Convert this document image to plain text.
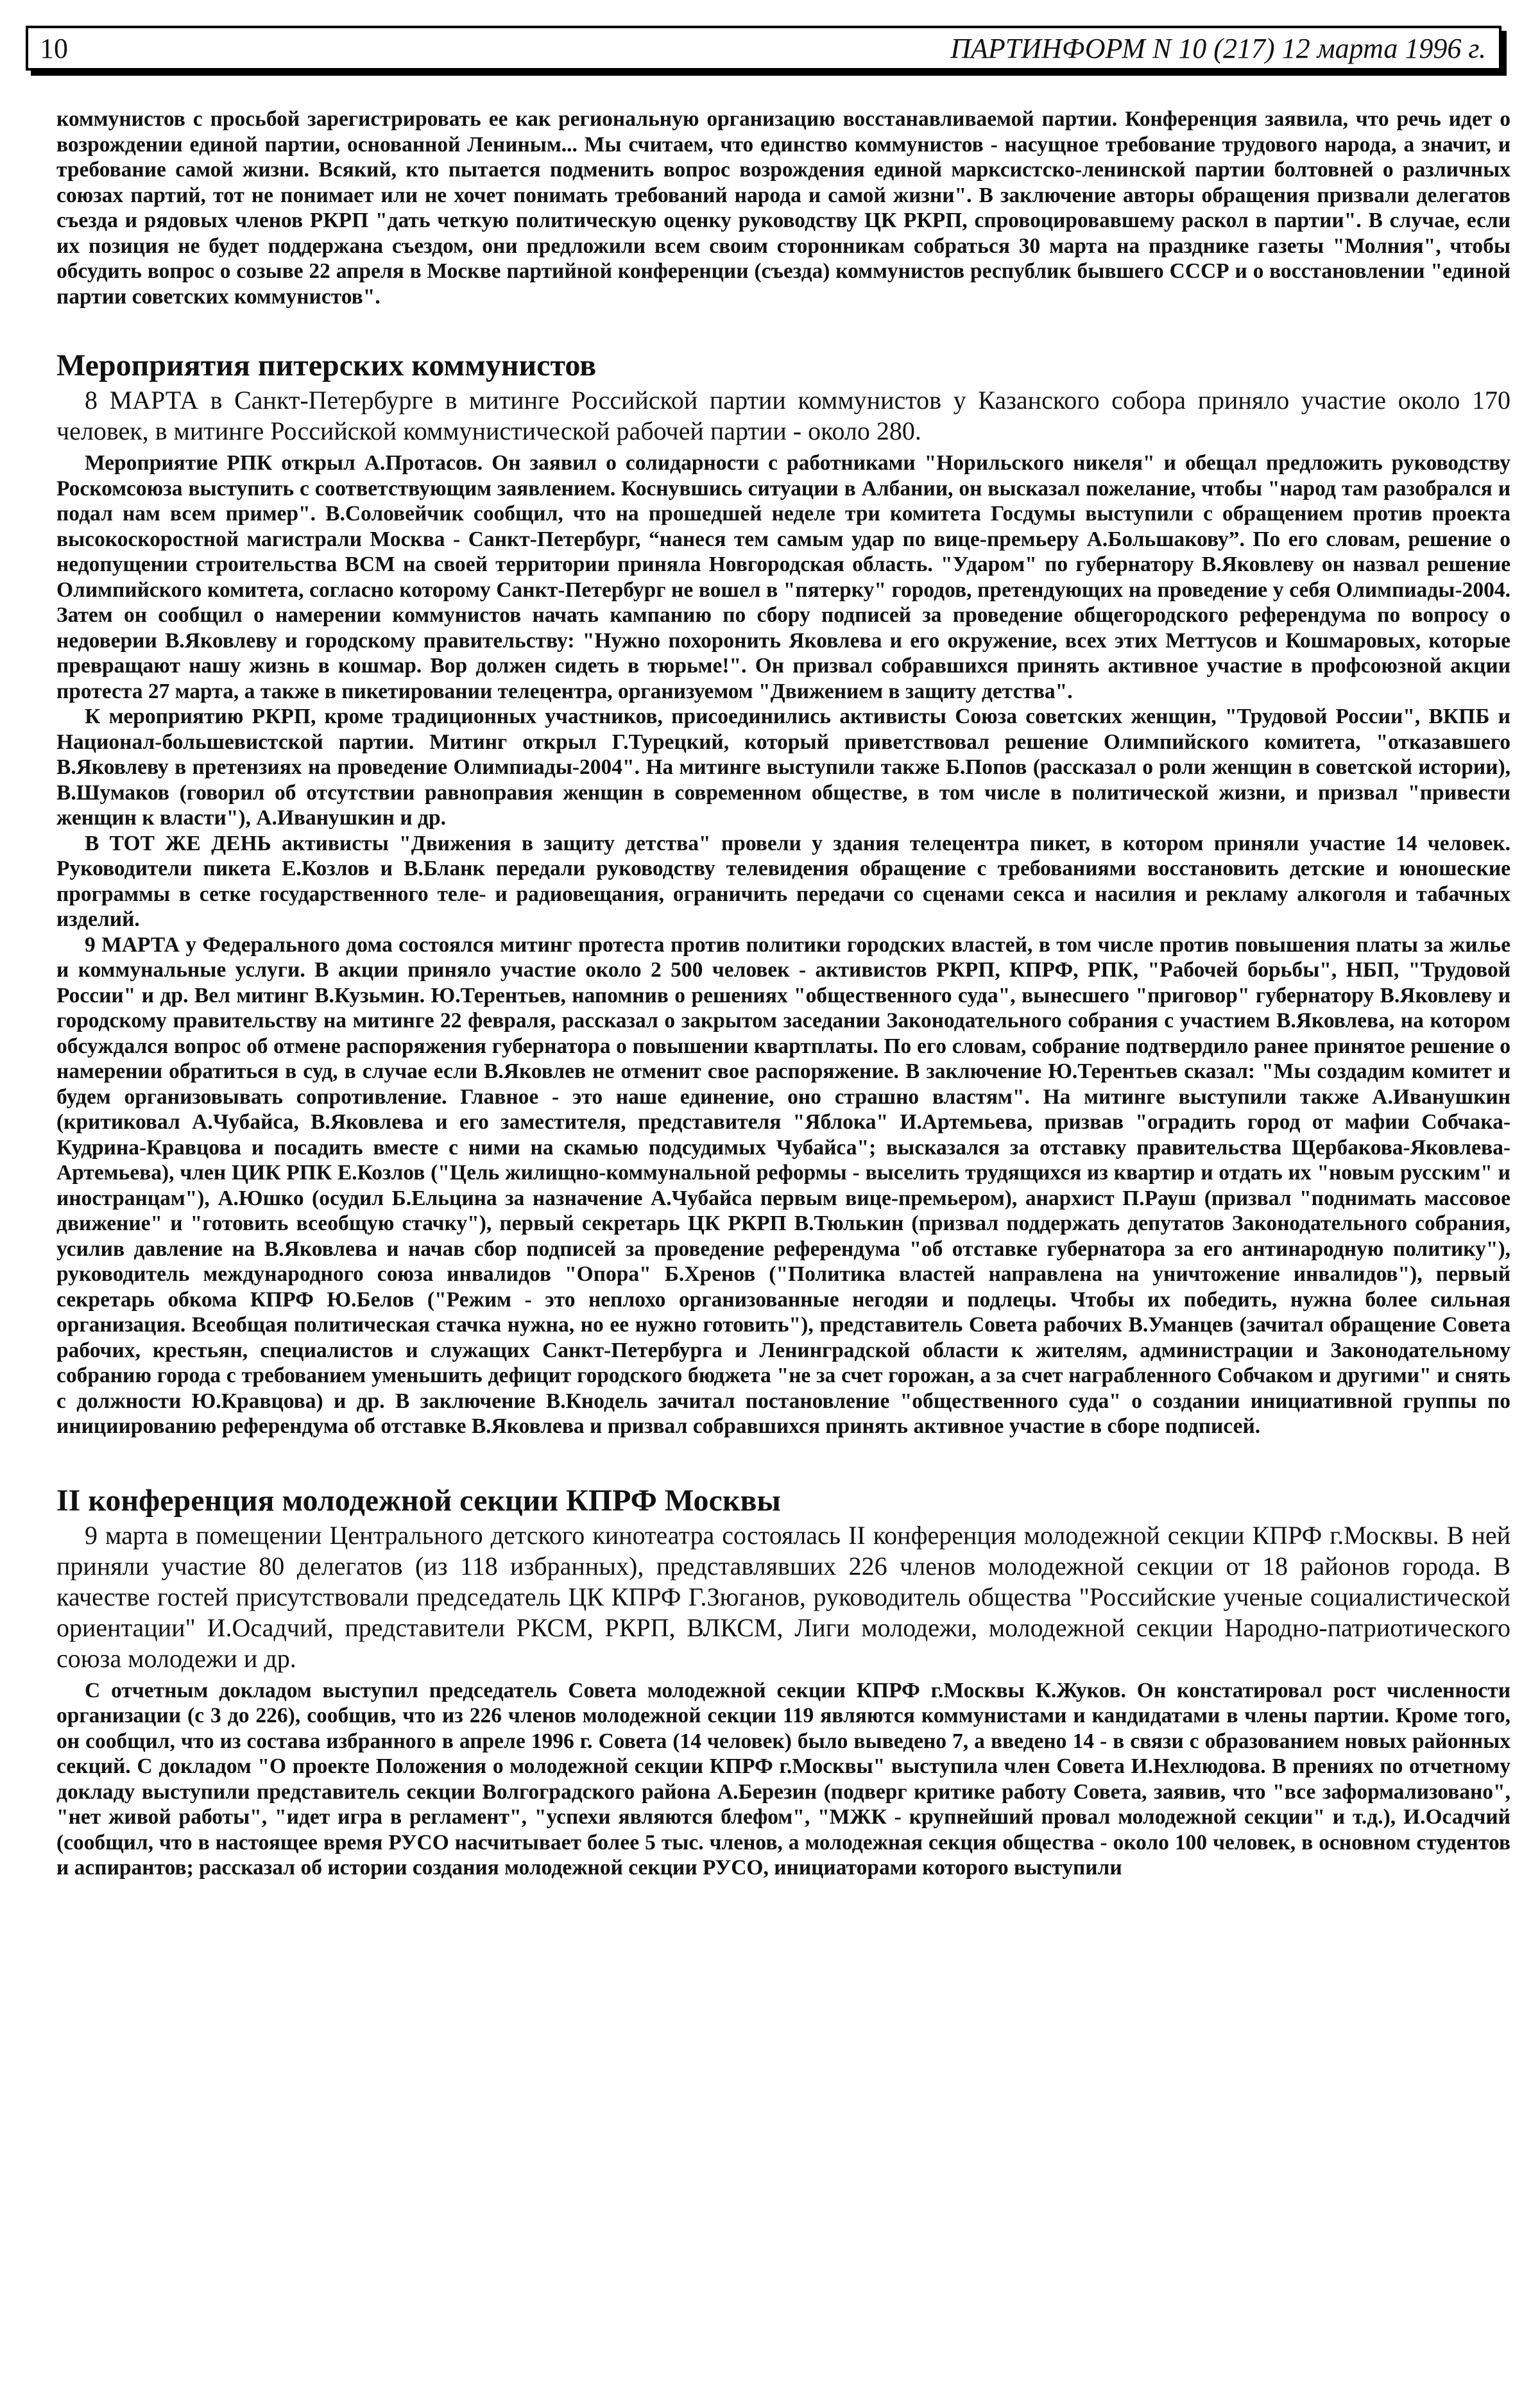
10	ПАРТИНФОРМ N 10 (217) 12 марта 1996 г.

коммунистов с просьбой зарегистрировать ее как региональную организацию восстанавливаемой партии. Конференция заявила, что речь идет о возрождении единой партии, основанной Лениным... Мы считаем, что единство коммунистов - насущное требование трудового народа, а значит, и требование самой жизни. Всякий, кто пытается подменить вопрос возрождения единой марксистско-ленинской партии болтовней о различных союзах партий, тот не понимает или не хочет понимать требований народа и самой жизни". В заключение авторы обращения призвали делегатов съезда и рядовых членов РКРП "дать четкую политическую оценку руководству ЦК РКРП, спровоцировавшему раскол в партии". В случае, если их позиция не будет поддержана съездом, они предложили всем своим сторонникам собраться 30 марта на празднике газеты "Молния", чтобы обсудить вопрос о созыве 22 апреля в Москве партийной конференции (съезда) коммунистов республик бывшего СССР и о восстановлении "единой партии советских коммунистов".

Мероприятия питерских коммунистов

8 МАРТА в Санкт-Петербурге в митинге Российской партии коммунистов у Казанского собора приняло участие около 170 человек, в митинге Российской коммунистической рабочей партии - около 280.

Мероприятие РПК открыл А.Протасов. Он заявил о солидарности с работниками "Норильского никеля" и обещал предложить руководству Роскомсоюза выступить с соответствующим заявлением. Коснувшись ситуации в Албании, он высказал пожелание, чтобы "народ там разобрался и подал нам всем пример". В.Соловейчик сообщил, что на прошедшей неделе три комитета Госдумы выступили с обращением против проекта высокоскоростной магистрали Москва - Санкт-Петербург, “нанеся тем самым удар по вице-премьеру А.Большакову”. По его словам, решение о недопущении строительства ВСМ на своей территории приняла Новгородская область. "Ударом" по губернатору В.Яковлеву он назвал решение Олимпийского комитета, согласно которому Санкт-Петербург не вошел в "пятерку" городов, претендующих на проведение у себя Олимпиады-2004. Затем он сообщил о намерении коммунистов начать кампанию по сбору подписей за проведение общегородского референдума по вопросу о недоверии В.Яковлеву и городскому правительству: "Нужно похоронить Яковлева и его окружение, всех этих Меттусов и Кошмаровых, которые превращают нашу жизнь в кошмар. Вор должен сидеть в тюрьме!". Он призвал собравшихся принять активное участие в профсоюзной акции протеста 27 марта, а также в пикетировании телецентра, организуемом "Движением в защиту детства".

К мероприятию РКРП, кроме традиционных участников, присоединились активисты Союза советских женщин, "Трудовой России", ВКПБ и Национал-большевистской партии. Митинг открыл Г.Турецкий, который приветствовал решение Олимпийского комитета, "отказавшего В.Яковлеву в претензиях на проведение Олимпиады-2004". На митинге выступили также Б.Попов (рассказал о роли женщин в советской истории), В.Шумаков (говорил об отсутствии равноправия женщин в современном обществе, в том числе в политической жизни, и призвал "привести женщин к власти"), А.Иванушкин и др.

В ТОТ ЖЕ ДЕНЬ активисты "Движения в защиту детства" провели у здания телецентра пикет, в котором приняли участие 14 человек. Руководители пикета Е.Козлов и В.Бланк передали руководству телевидения обращение с требованиями восстановить детские и юношеские программы в сетке государственного теле- и радиовещания, ограничить передачи со сценами секса и насилия и рекламу алкоголя и табачных изделий.

9 МАРТА у Федерального дома состоялся митинг протеста против политики городских властей, в том числе против повышения платы за жилье и коммунальные услуги. В акции приняло участие около 2 500 человек - активистов РКРП, КПРФ, РПК, "Рабочей борьбы", НБП, "Трудовой России" и др. Вел митинг В.Кузьмин. Ю.Терентьев, напомнив о решениях "общественного суда", вынесшего "приговор" губернатору В.Яковлеву и городскому правительству на митинге 22 февраля, рассказал о закрытом заседании Законодательного собрания с участием В.Яковлева, на котором обсуждался вопрос об отмене распоряжения губернатора о повышении квартплаты. По его словам, собрание подтвердило ранее принятое решение о намерении обратиться в суд, в случае если В.Яковлев не отменит свое распоряжение. В заключение Ю.Терентьев сказал: "Мы создадим комитет и будем организовывать сопротивление. Главное - это наше единение, оно страшно властям". На митинге выступили также А.Иванушкин (критиковал А.Чубайса, В.Яковлева и его заместителя, представителя "Яблока" И.Артемьева, призвав "оградить город от мафии Собчака-Кудрина-Кравцова и посадить вместе с ними на скамью подсудимых Чубайса"; высказался за отставку правительства Щербакова-Яковлева-Артемьева), член ЦИК РПК Е.Козлов ("Цель жилищно-коммунальной реформы - выселить трудящихся из квартир и отдать их "новым русским" и иностранцам"), А.Юшко (осудил Б.Ельцина за назначение А.Чубайса первым вице-премьером), анархист П.Рауш (призвал "поднимать массовое движение" и "готовить всеобщую стачку"), первый секретарь ЦК РКРП В.Тюлькин (призвал поддержать депутатов Законодательного собрания, усилив давление на В.Яковлева и начав сбор подписей за проведение референдума "об отставке губернатора за его антинародную политику"), руководитель международного союза инвалидов "Опора" Б.Хренов ("Политика властей направлена на уничтожение инвалидов"), первый секретарь обкома КПРФ Ю.Белов ("Режим - это неплохо организованные негодяи и подлецы. Чтобы их победить, нужна более сильная организация. Всеобщая политическая стачка нужна, но ее нужно готовить"), представитель Совета рабочих В.Уманцев (зачитал обращение Совета рабочих, крестьян, специалистов и служащих Санкт-Петербурга и Ленинградской области к жителям, администрации и Законодательному собранию города с требованием уменьшить дефицит городского бюджета "не за счет горожан, а за счет награбленного Собчаком и другими" и снять с должности Ю.Кравцова) и др. В заключение В.Кнодель зачитал постановление "общественного суда" о создании инициативной группы по инициированию референдума об отставке В.Яковлева и призвал собравшихся принять активное участие в сборе подписей.

II конференция молодежной секции КПРФ Москвы

9 марта в помещении Центрального детского кинотеатра состоялась II конференция молодежной секции КПРФ г.Москвы. В ней приняли участие 80 делегатов (из 118 избранных), представлявших 226 членов молодежной секции от 18 районов города. В качестве гостей присутствовали председатель ЦК КПРФ Г.Зюганов, руководитель общества "Российские ученые социалистической ориентации" И.Осадчий, представители РКСМ, РКРП, ВЛКСМ, Лиги молодежи, молодежной секции Народно-патриотического союза молодежи и др.

С отчетным докладом выступил председатель Совета молодежной секции КПРФ г.Москвы К.Жуков. Он констатировал рост численности организации (с 3 до 226), сообщив, что из 226 членов молодежной секции 119 являются коммунистами и кандидатами в члены партии. Кроме того, он сообщил, что из состава избранного в апреле 1996 г. Совета (14 человек) было выведено 7, а введено 14 - в связи с образованием новых районных секций. С докладом "О проекте Положения о молодежной секции КПРФ г.Москвы" выступила член Совета И.Нехлюдова. В прениях по отчетному докладу выступили представитель секции Волгоградского района А.Березин (подверг критике работу Совета, заявив, что "все заформализовано", "нет живой работы", "идет игра в регламент", "успехи являются блефом", "МЖК - крупнейший провал молодежной секции" и т.д.), И.Осадчий (сообщил, что в настоящее время РУСО насчитывает более 5 тыс. членов, а молодежная секция общества - около 100 человек, в основном студентов и аспирантов; рассказал об истории создания молодежной секции РУСО, инициаторами которого выступили
